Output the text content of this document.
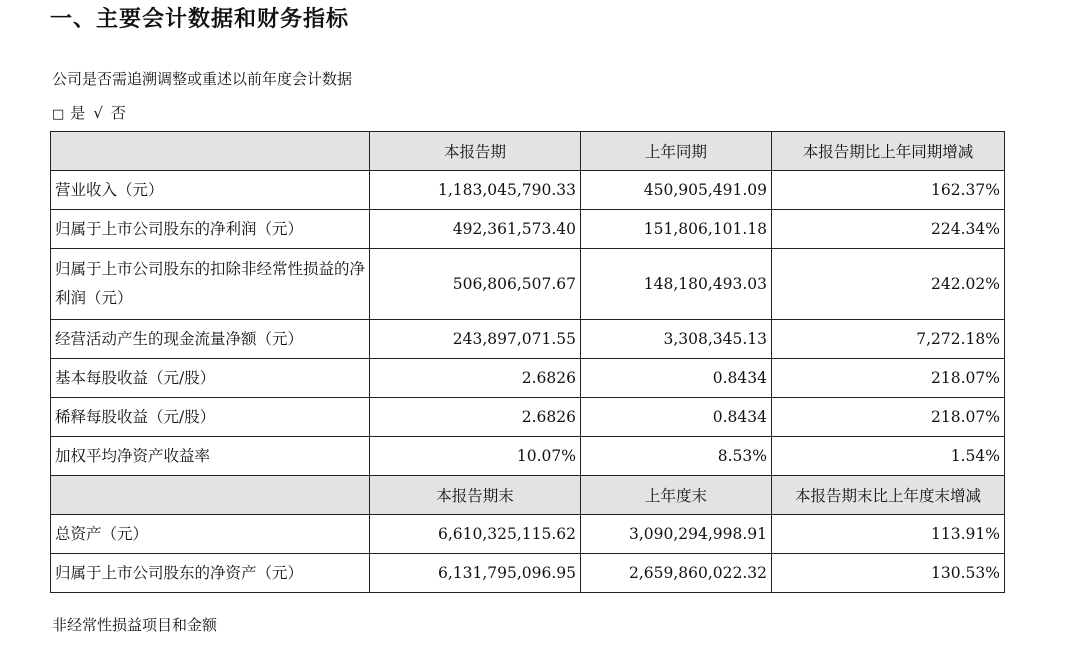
一、主要会计数据和财务指标
公司是否需追溯调整或重述以前年度会计数据
□ 是 √ 否
	本报告期	上年同期	本报告期比上年同期增减
营业收入（元）	1,183,045,790.33	450,905,491.09	162.37%
归属于上市公司股东的净利润（元）	492,361,573.40	151,806,101.18	224.34%
归属于上市公司股东的扣除非经常性损益的净利润（元）	506,806,507.67	148,180,493.03	242.02%
经营活动产生的现金流量净额（元）	243,897,071.55	3,308,345.13	7,272.18%
基本每股收益（元/股）	2.6826	0.8434	218.07%
稀释每股收益（元/股）	2.6826	0.8434	218.07%
加权平均净资产收益率	10.07%	8.53%	1.54%
	本报告期末	上年度末	本报告期末比上年度末增减
总资产（元）	6,610,325,115.62	3,090,294,998.91	113.91%
归属于上市公司股东的净资产（元）	6,131,795,096.95	2,659,860,022.32	130.53%
非经常性损益项目和金额
